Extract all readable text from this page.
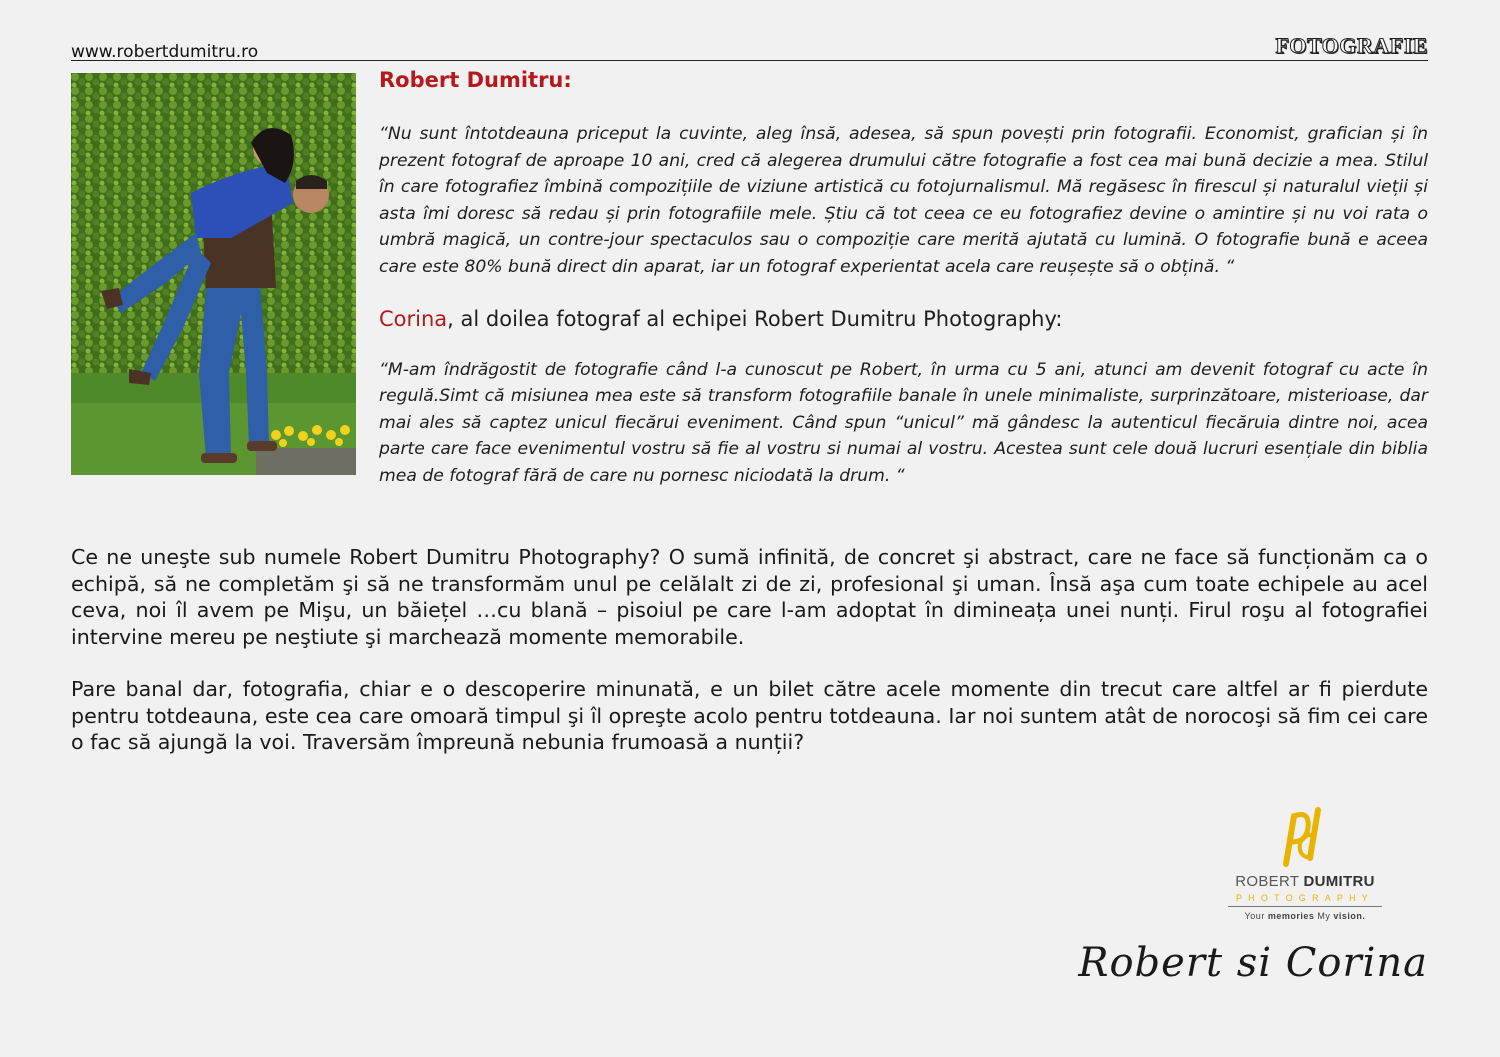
www.robertdumitru.ro	FOTOGRAFIE
Robert Dumitru:

“Nu sunt întotdeauna priceput la cuvinte, aleg însă, adesea, să spun povești prin fotografii. Economist, grafician și în prezent fotograf de aproape 10 ani, cred că alegerea drumului către fotografie a fost cea mai bună decizie a mea. Stilul în care fotografiez îmbină compozițiile de viziune artistică cu fotojurnalismul. Mă regăsesc în firescul și naturalul vieții și asta îmi doresc să redau și prin fotografiile mele. Știu că tot ceea ce eu fotografiez devine o amintire și nu voi rata o umbră magică, un contre-jour spectaculos sau o compoziție care merită ajutată cu lumină. O fotografie bună e aceea care este 80% bună direct din aparat, iar un fotograf experientat acela care reușește să o obțină. “

Corina, al doilea fotograf al echipei Robert Dumitru Photography:

“M-am îndrăgostit de fotografie când l-a cunoscut pe Robert, în urma cu 5 ani, atunci am devenit fotograf cu acte în regulă.Simt că misiunea mea este să transform fotografiile banale în unele minimaliste, surprinzătoare, misterioase, dar mai ales să captez unicul fiecărui eveniment. Când spun “unicul” mă gândesc la autenticul fiecăruia dintre noi, acea parte care face evenimentul vostru să fie al vostru si numai al vostru. Acestea sunt cele două lucruri esențiale din biblia mea de fotograf fără de care nu pornesc niciodată la drum. “

Ce ne uneşte sub numele Robert Dumitru Photography? O sumă infinită, de concret şi abstract, care ne face să funcționăm ca o echipă, să ne completăm şi să ne transformăm unul pe celălalt zi de zi, profesional şi uman. Însă aşa cum toate echipele au acel ceva, noi îl avem pe Mişu, un băiețel …cu blană – pisoiul pe care l-am adoptat în dimineața unei nunți. Firul roşu al fotografiei intervine mereu pe neştiute şi marchează momente memorabile.

Pare banal dar, fotografia, chiar e o descoperire minunată, e un bilet către acele momente din trecut care altfel ar fi pierdute pentru totdeauna, este cea care omoară timpul şi îl opreşte acolo pentru totdeauna. Iar noi suntem atât de norocoşi să fim cei care o fac să ajungă la voi. Traversăm împreună nebunia frumoasă a nunții?

ROBERT DUMITRU
PHOTOGRAPHY
Your memories My vision.
Robert si Corina
